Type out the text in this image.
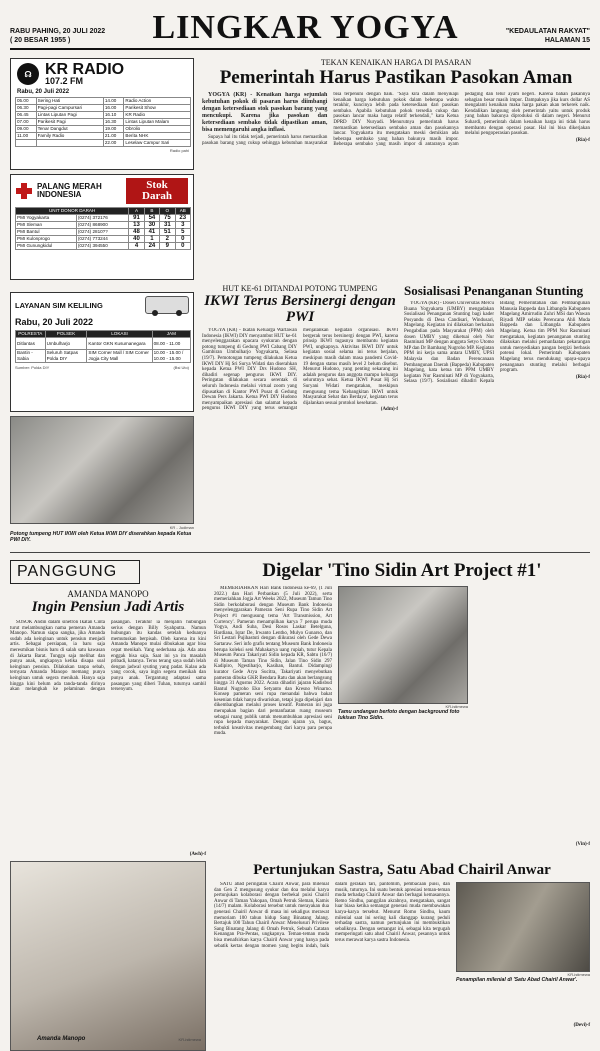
RABU PAHING, 20 JULI 2022
( 20 BESAR 1955 )	LINGKAR YOGYA	"KEDAULATAN RAKYAT"
HALAMAN 15
☊ KR RADIO
107.2 FM
Rabu, 20 Juli 2022
05.00	Sering Hati	14.00	Radio Action
06.30	Pagi-pagi Campursari	16.00	Parikesit Show
06.45	Lintas Liputan Pagi	16.10	KR Radio
07.00	Parikesit Pagi	16.30	Lintas Liputan Malam
09.00	Tenar Dangdut	19.00	Obrolio
11.00	Family Radio	21.00	Berita NHK
		22.00	Leselaw Campur Sari
Radio pahi
PALANG MERAH INDONESIA
Stok Darah
UNIT DONOR DARAH		A	B	O	AB
PMI Yogyakarta	(0274) 372176	91	54	75	23
PMI Sleman	(0274) 868900	13	30	31	3
PMI Bantul	(0274) 2810??	48	41	51	5
PMI Kulonprogo	(0274) 773244	40	1	2	0
PMI Gunungkidul	(0274) 394550	4	24	9	0
LAYANAN SIM KELILING
Rabu, 20 Juli 2022
POLRESTA	POLSEK	LOKASI	JAM
Ditlantas	Umbulharjo	Kantor GKN Kusumanegara	08.00 - 11.00
Bantin - Sabia	Seluruh Satpas Polda DIY	SIM Corner Mall / SIM Corner Jogja City Mall	10.00 - 15.00 / 10.00 - 15.00
Sumber: Polda DIY	(Bsi Uto)
TEKAN KENAIKAN HARGA DI PASARAN
Pemerintah Harus Pastikan Pasokan Aman

YOGYA (KR) - Kenaikan harga sejumlah kebutuhan pokok di pasaran harus diimbangi dengan ketersediaan stok pasokan barang yang mencukupi. Karena jika pasokan dan ketersediaan sembako tidak dipastikan aman, bisa memengaruhi angka inflasi.

Supaya hal itu tidak terjadi, pemerintah harus memastikan pasokan barang yang cukup sehingga kebutuhan masyarakat bisa terpenuhi dengan baik. "Saya kira dalam menyikapi kenaikan harga kebutuhan pokok dalam beberapa waktu terakhir, kuncinya lebih pada ketersediaan dari pasokan sembako. Apabila kebutuhan pokok tersedia cukup dan pasokan lancar maka harga relatif terkendali," kata Ketua DPRD DIY Nuryadi. Menurutnya pemerintah harus memastikan ketersediaan sembako aman dan pasokannya lancar. Yogyakarta itu mengatakan meski demikian ada beberapa sembako yang bahan bakunya masih impor. Beberapa sembako yang masih impor di antaranya ayam pedaging dan telur ayam negeri. Karena bahan pakannya sebagian besar masih impor. Dampaknya jika kurs dollar AS mengalami kenaikan maka harga pakan akan terkerek naik. Kendalikan langsung oleh pemerintah yaitu untuk produk yang bahan bakunya diproduksi di dalam negeri. Menurut Suhardi, pemerintah dalam kenaikan harga ini tidak harus membantu dengan operasi pasar. Hal ini bisa dikerjakan melalui pengoperasian pasokan.

(Ria)-f
HUT KE-61 DITANDAI POTONG TUMPENG
IKWI Terus Bersinergi dengan PWI

YOGYA (KR) - Ikatan Keluarga Wartawan Indonesia (IKWI) DIY menyambut HUT ke-61 menyelenggarakan upacara syukuran dengan potong tumpeng di Gedung PWI Cabang DIY Gambiran Umbulharjo Yogyakarta, Selasa (19/7). Pemotongan tumpeng dilakukan Ketua IKWI DIY Hj Sri Surya Widati dan diserahkan kepada Ketua PWI DIY Drs Hudono SH, dihadiri segenap pengurus IKWI DIY. Peringatan dilakukan secara serentak di seluruh Indonesia melalui virtual zoom yang dipusatkan di Kantor PWI Pusat di Gedung Dewan Pers Jakarta. Ketua PWI DIY Hudono menyampaikan apresiasi dan salamat kepada pengurus IKWI DIY yang terus semangat menjalankan kegiatan organisasi. IKWI bergerak terus bersinergi dengan PWI, karena prinsip IKWI tugasnya membantu kegiatan PWI, ungkapnya. Aktivitas IKWI DIY untuk kegiatan sosial selama ini terus berjalan, meskipun masih dalam masa pandemi Covid-19 dengan status masih level 2 belum disebut. Menurut Hudono, yang penting sekarang ini adalah pengurus dan anggota mampu keluarga selurutnya sehat. Ketua IKWI Pusat Hj Sri Suryani Widati mengatakan, meskipun mengusung tema 'Kebangkitan IKWI untuk Masyarakat Sehat dan Berdaya', kegiatan terus dijalankan sesuai protokol kesehatan.

(Adm)-f
KR - Judiman
Potong tumpeng HUT IKWI oleh Ketua IKWI DIY diserahkan kepada Ketua PWI DIY.
Sosialisasi Penanganan Stunting

YOGYA (KR) - Dosen Universitas Mercu Buana Yogyakarta (UMBY) mengadakan Sosialisasi Penanganan Stunting bagi kader Posyandu di Desa Candisari, Windusari, Magelang. Kegiatan ini dilakukan berkaitan Pengabdian pada Masyarakat (PPM) oleh dosen UMBY yang diketuai oleh Nur Rasminati MP dengan anggota Setyo Utomo MP dan Dr Bambang Nugroho MP. Kegiatan PPM ini kerja sama antara UMBY, UPSI Malaysia dan Badan Perencanaan Pembangunan Daerah (Bappeda) Kabupaten Magelang, kata ketua tim PPM UMBY kegiatan Nur Rasminati MP di Yogyakarta, Selasa (19/7). Sosialisasi dihadiri Kepala Bidang Pemerintahan dan Pembangunan Manusia Bappeda dan Litbangda Kabupaten Magelang Amirrudin Zuhri MSi dan Wawan Riyadi MIP selaku Perencana Ahli Muda Bappeda dan Litbangda Kabupaten Magelang. Ketua tim PPM Nur Rasminati mengatakan, kegiatan penanganan stunting dilakukan melalui pemanfaatan pekarangan untuk menyediakan pangan bergizi berbasis potensi lokal. Pemerintah Kabupaten Magelang terus mendukung upaya-upaya penanganan stunting melalui berbagai program.

(Ria)-f
PANGGUNG
AMANDA MANOPO
Ingin Pensiun Jadi Artis

SOSOK Andin dalam sinetron Ikatan Cinta turut melambungkan nama pemeran Amanda Manopo. Namun siapa sangka, jika Amanda sudah ada keinginan untuk pensiun menjadi artis. Sebagai persiapan, ia baru saja meresmikan bisnis baru di salah satu kawasan di Jakarta Barat. Tunggu saja melihat dan punya anak, ungkapnya ketika disapa soal keinginan pensiun. Dilakukan tanpa sebab, ternyata Amanda Manopo memang punya keinginan untuk segera menikah. Hanya saja hingga kini belum ada tanda-tanda dirinya akan melangkah ke pelaminan dengan pasangan. Terakhir ia menjalin hubungan serius dengan Billy Syahputra. Namun hubungan itu kandas setelah keduanya memutuskan berpisah. Oleh karena itu kini Amanda Manopo mulai dibukakan agar bisa cepat menikah. Yang sederhana aja. Ada atau enggak bisa saja. Saat ini ya itu masalah pribadi, katanya. Terus terang saya sudah lelah dengan jadwal syuting yang padat. Kalau ada yang cocok, saya ingin segera menikah dan punya anak. Tergantung adaptasi sama pasangan yang diberi Tuhan, tuturnya sambil tersenyum.

(Awh)-f
Amanda Manopo	KR-istimewa
Digelar 'Tino Sidin Art Project #1'

MEMERIAHKAN Hari Bank Indonesia ke-69, (1 Juli 2022.) dan Hari Perbankan (5 Juli 2022), serta memeriahkan Jogja Art Weeks 2022, Museum Tamun Tino Sidin berkolaborasi dengan Museum Bank Indonesia menyelenggarakan Pameran Seni Rupa Tino Sidin Art Project #1 mengusung tema 'Art Transmission, Art Currency'. Pameran menampilkan karya 7 perupa muda Yogya, Andi Suba, Desi Rosos Laskar Betelguna, Hardiana, Iqrar De, Irwanto Lentho, Mulyo Gunarso, dan Sri Lestari Pujihastuti dengan diikurasi oleh Gede Dewa Sartaraw. Seri info grafis tentang Museum Bank Indonesia berupa koleksi seni Mahakarya uang rupiah, tutur Kepala Museum Panca Takariyati Sidin kepada KR, Sabtu (16/7) di Museum Taman Tino Sidin, Jalan Tino Sidin 297 Kadipiro, Ngestiharjo, Kasihan, Bantul. Didampingi kurator Gede Arya Sucitra, Takariyati menyebutkan pameran dibuka GKR Bendara Ratu dan akan berlangsung hingga 31 Agustus 2022. Acara dihadiri jajaran Kadisbud Bantul Nugroho Eko Setyanto dan Kresno Winarno. Konsep pameran seni rupa menandai bahwa bakat kesenian tidak hanya diwariskan, tetapi juga dipelajari dan dikembangkan melalui proses kreatif. Pameran ini juga merupakan bagian dari pemanfaatan ruang museum sebagai ruang publik untuk menumbuhkan apresiasi seni rupa kepada masyarakat. Dengan ujaran ya, bagus, terbukti kreativitas mengembang dari karya para perupa muda.

KR-istimewa
Tamu undangan berfoto dengan background foto lukisan Tino Sidin.
(Vin)-f
Pertunjukan Sastra, Satu Abad Chairil Anwar

SATU abad peringatan Chairil Anwar, para milenial dan Gen Z mengusung syukur dan doa melalui karya pertunjukan kolaborasi dengan berbekal puisi Chairil Anwar di Taman Yakopan, Omah Petruk Sleman, Kamis (14/7) malam. Kolaborasi tersebut untuk merayakan dua generasi Chairil Anwar di masa ini sekaligus merawat memoriam 100 tahun hidup Sang Binatang Jalang. Bertajuk 100 Tahun Chairil Anwar: Menelusuri Privilese Sang Binatang Jalang di Omah Petruk, Sebuah Catatan Kenangan Pra-Pentas, ungkapnya. Teman-teman muda bisa menafsirkan karya Chairil Anwar yang hanya pada sebatik kertas dengan momen yang begitu indah, baik dalam gerakan tari, pantomim, pembacaan puisi, dan musik, tuturnya. Ini suatu bentuk apresiasi teman-teman muda terhadap Chairil Anwar dan berbagai kemasannya. Remo Sindhu, panggilan akrabnya, mengatakan, sangat luar biasa ketika semangat generasi muda membawakan karya-karya tersebut. Menurut Romo Sindhu, kaum milenial saat ini sering kali dianggap kurang peduli terhadap sastra, namun pertunjukan ini membuktikan sebaliknya. Dengan semangat ini, sebagai kita tergugah memperingati satu abad Chairil Anwar, pesannya untuk terus merawat karya sastra Indonesia.

KR-istimewa
Penampilan milenial di 'Satu Abad Chairil Anwar'.
(Devi)-f
